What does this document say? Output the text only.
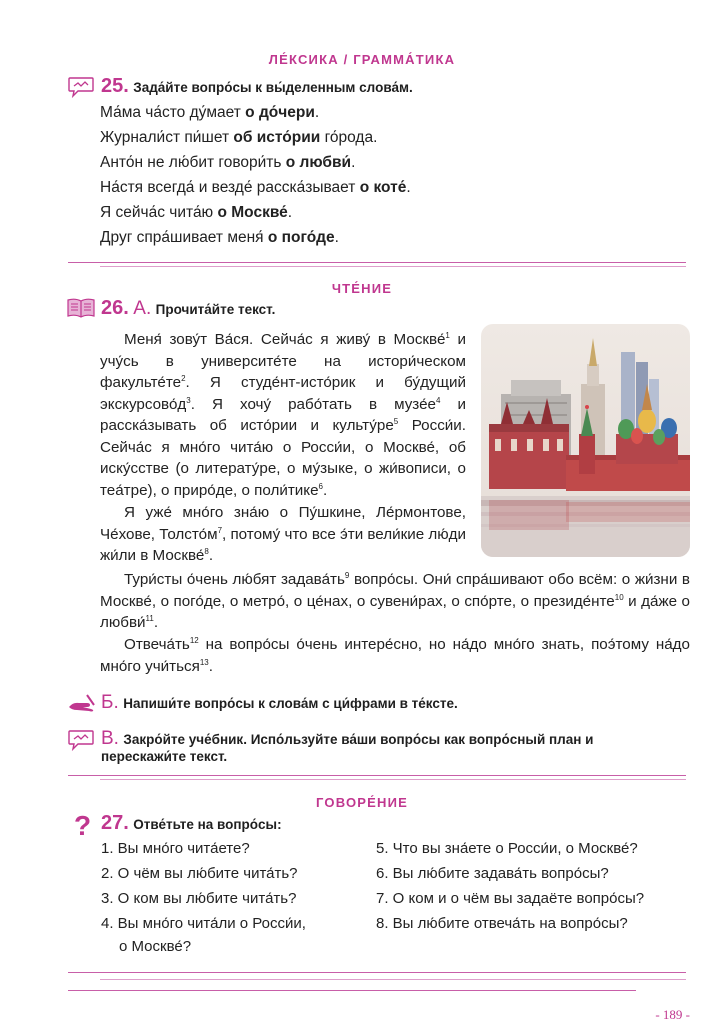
ЛЕ́КСИКА / ГРАММА́ТИКА
25. Зада́йте вопро́сы к вы́деленным слова́м.
Ма́ма ча́сто ду́мает о до́чери.
Журнали́ст пи́шет об исто́рии го́рода.
Анто́н не лю́бит говори́ть о любви́.
На́стя всегда́ и везде́ расска́зывает о коте́.
Я сейча́с чита́ю о Москве́.
Друг спра́шивает меня́ о пого́де.
ЧТЕ́НИЕ
26. А. Прочита́йте текст.
Меня́ зову́т Ва́ся. Сейча́с я живу́ в Москве́$^1$ и учу́сь в университе́те на истори́ческом $факульте́те^2$. Я студе́нт-исто́рик и бу́дущий $экскурсово́д^3$. Я хочу́ рабо́тать в $музе́е^4$ и расска́зывать об исто́рии и $культу́ре^5$ Росси́и. Сейча́с я мно́го чита́ю о Росси́и, о Москве́, об иску́сстве (о литерату́ре, о му́зыке, о жи́вописи, о теа́тре), о приро́де, о поли́тике$^6$.
Я уже́ мно́го зна́ю о Пу́шкине, Ле́рмонтове, Че́хове, $Толсто́м^7$, потому́ что все э́ти вели́кие лю́ди жи́ли в Москве́$^8$.
Тури́сты о́чень лю́бят $задава́ть^9$ вопро́сы. Они́ спра́шивают обо всём: о жи́зни в Москве́, о пого́де, о метро́, о це́нах, о сувени́рах, о спо́рте, о президе́нте$^{10}$ и да́же о любви́$^{11}$.
$Отвеча́ть^{12}$ на вопро́сы о́чень интере́сно, но на́до мно́го знать, поэ́тому на́до мно́го учи́ться$^{13}$.
Б. Напиши́те вопро́сы к слова́м с ци́фрами в те́ксте.
В. Закро́йте уче́бник. Испо́льзуйте ва́ши вопро́сы как вопро́сный план и
перескажи́те текст.
ГОВОРЕ́НИЕ
? 27. Отве́тьте на вопро́сы:
1. Вы мно́го чита́ете?
2. О чём вы лю́бите чита́ть?
3. О ком вы лю́бите чита́ть?
4. Вы мно́го чита́ли о Росси́и,
о Москве́?
5. Что вы зна́ете о Росси́и, о Москве́?
6. Вы лю́бите задава́ть вопро́сы?
7. О ком и о чём вы задаёте вопро́сы?
8. Вы лю́бите отвеча́ть на вопро́сы?
- 189 -
